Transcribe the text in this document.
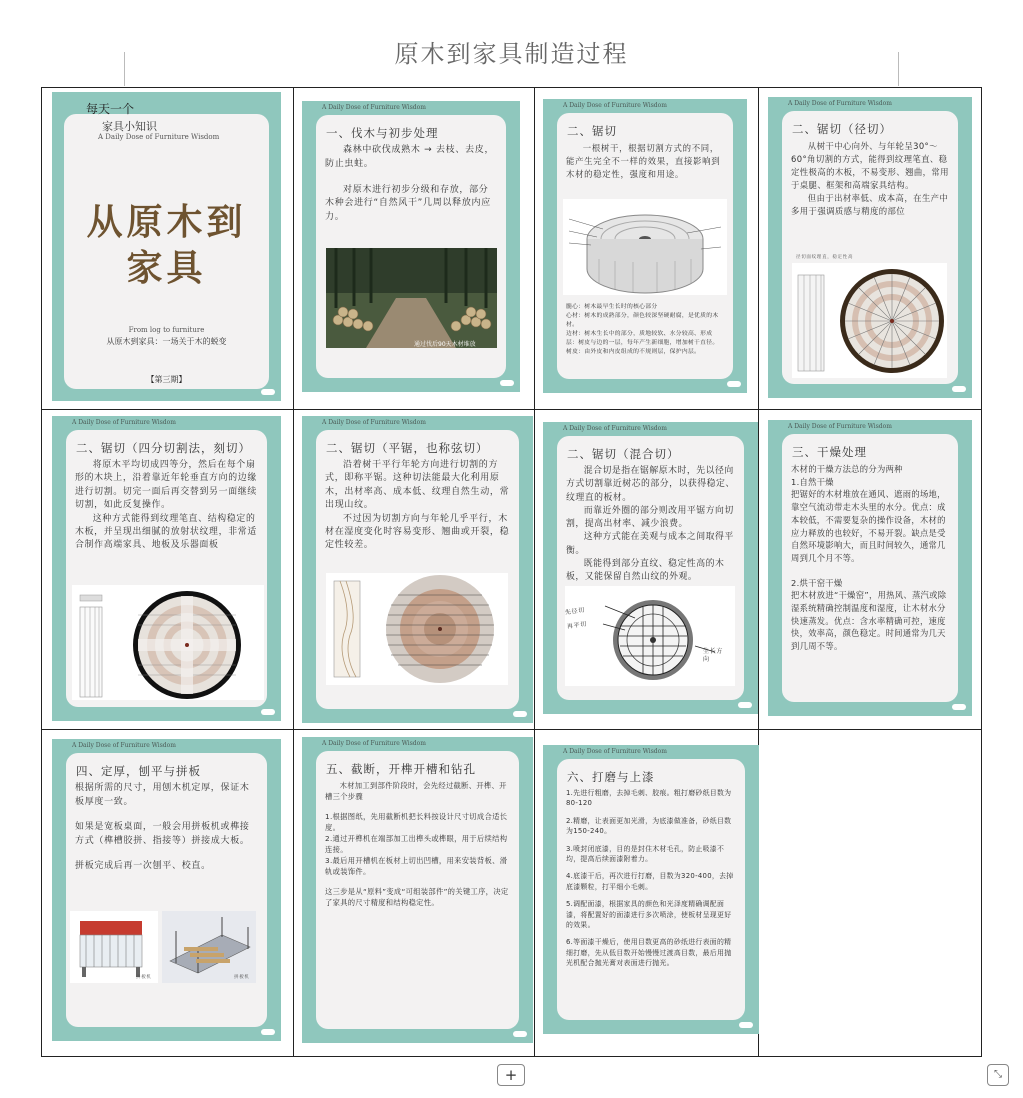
原木到家具制造过程
每天一个
家具小知识
A Daily Dose of Furniture Wisdom
从原木到
家具
From log to furniture
从原木到家具：一场关于木的蜕变
【第三期】
A Daily Dose of Furniture Wisdom
一、伐木与初步处理

森林中砍伐成熟木 → 去枝、去皮，防止虫蛀。

对原木进行初步分级和存放，部分木种会进行“自然风干”几周以释放内应力。

通过伐后90天木材堆放
A Daily Dose of Furniture Wisdom
二、锯切

一根树干，根据切割方式的不同，能产生完全不一样的效果，直接影响到木材的稳定性，强度和用途。

髓心：树木最早生长时的核心部分

心材：树木的成熟部分，颜色较深坚硬耐腐，是优质的木材。

边材：树木生长中的部分，质地较软、水分较高、形成层：树皮与边的一层，每年产生新细胞，增加树干直径。

树皮：由外皮和内皮组成的不规则层，保护内层。

A Daily Dose of Furniture Wisdom
二、锯切（径切）

从树干中心向外、与年轮呈30°～60°角切割的方式，能得到纹理笔直、稳定性极高的木板，不易变形、翘曲，常用于桌腿、框架和高端家具结构。

但由于出材率低、成本高，在生产中多用于强调质感与精度的部位

径切面纹理直，稳定性高
A Daily Dose of Furniture Wisdom
二、锯切（四分切割法，刻切）

将原木平均切成四等分，然后在每个扇形的木块上，沿着靠近年轮垂直方向的边缘进行切割。切完一面后再交替到另一面继续切割，如此反复操作。

这种方式能得到纹理笔直、结构稳定的木板，并呈现出细腻的放射状纹理，非常适合制作高端家具、地板及乐器面板

A Daily Dose of Furniture Wisdom
二、锯切（平锯，也称弦切）

沿着树干平行年轮方向进行切割的方式，即称平锯。这种切法能最大化利用原木，出材率高、成本低、纹理自然生动，常出现山纹。

不过因为切割方向与年轮几乎平行，木材在湿度变化时容易变形、翘曲或开裂，稳定性较差。

A Daily Dose of Furniture Wisdom
二、锯切（混合切）

混合切是指在锯解原木时，先以径向方式切割靠近树芯的部分，以获得稳定、纹理直的板材。

而靠近外圈的部分则改用平锯方向切割，提高出材率、减少浪费。

这种方式能在美观与成本之间取得平衡。

既能得到部分直纹、稳定性高的木板，又能保留自然山纹的外观。

先径切
再平切
生长方向
A Daily Dose of Furniture Wisdom
三、干燥处理

木材的干燥方法总的分为两种

1.自然干燥

把锯好的木材堆放在通风、遮雨的场地，靠空气流动带走木头里的水分。优点：成本较低，不需要复杂的操作设备，木材的应力释放的也较好，不易开裂。缺点是受自然环境影响大，而且时间较久，通常几周到几个月不等。

2.烘干窑干燥

把木材放进“干燥窑”，用热风、蒸汽或除湿系统精确控制温度和湿度，让木材水分快速蒸发。优点：含水率精确可控，速度快，效率高，颜色稳定。时间通常为几天到几周不等。

A Daily Dose of Furniture Wisdom
四、定厚，刨平与拼板

根据所需的尺寸，用刨木机定厚，保证木板厚度一致。

如果是宽板桌面，一般会用拼板机或榫接方式（榫槽胶拼、指接等）拼接成大板。

拼板完成后再一次刨平、校直。

拼板机	拼板机
A Daily Dose of Furniture Wisdom
五、截断，开榫开槽和钻孔

木材加工到部件阶段时，会先经过截断、开榫、开槽三个步骤

1.根据图纸，先用截断机把长料按设计尺寸切成合适长度。

2.通过开榫机在端部加工出榫头或榫眼，用于后续结构连接。

3.最后用开槽机在板材上切出凹槽，用来安装背板、滑轨或装饰件。

这三步是从“原料”变成“可组装部件”的关键工序，决定了家具的尺寸精度和结构稳定性。

A Daily Dose of Furniture Wisdom
六、打磨与上漆

1.先进行粗磨，去掉毛刺、胶痕。粗打磨砂纸目数为80-120

2.精磨，让表面更加光滑，为底漆做准备，砂纸目数为150-240。

3.喷封闭底漆，目的是封住木材毛孔，防止吸漆不均，提高后续面漆附着力。

4.底漆干后，再次进行打磨，目数为320-400，去掉底漆颗粒，打平细小毛刺。

5.调配面漆，根据家具的颜色和光泽度精确调配面漆，将配置好的面漆进行多次喷涂，使板材呈现更好的效果。

6.等面漆干燥后，使用目数更高的砂纸进行表面的精细打磨，先从低目数开始慢慢过渡高目数，最后用抛光机配合抛光膏对表面进行抛光。

+	⤡
